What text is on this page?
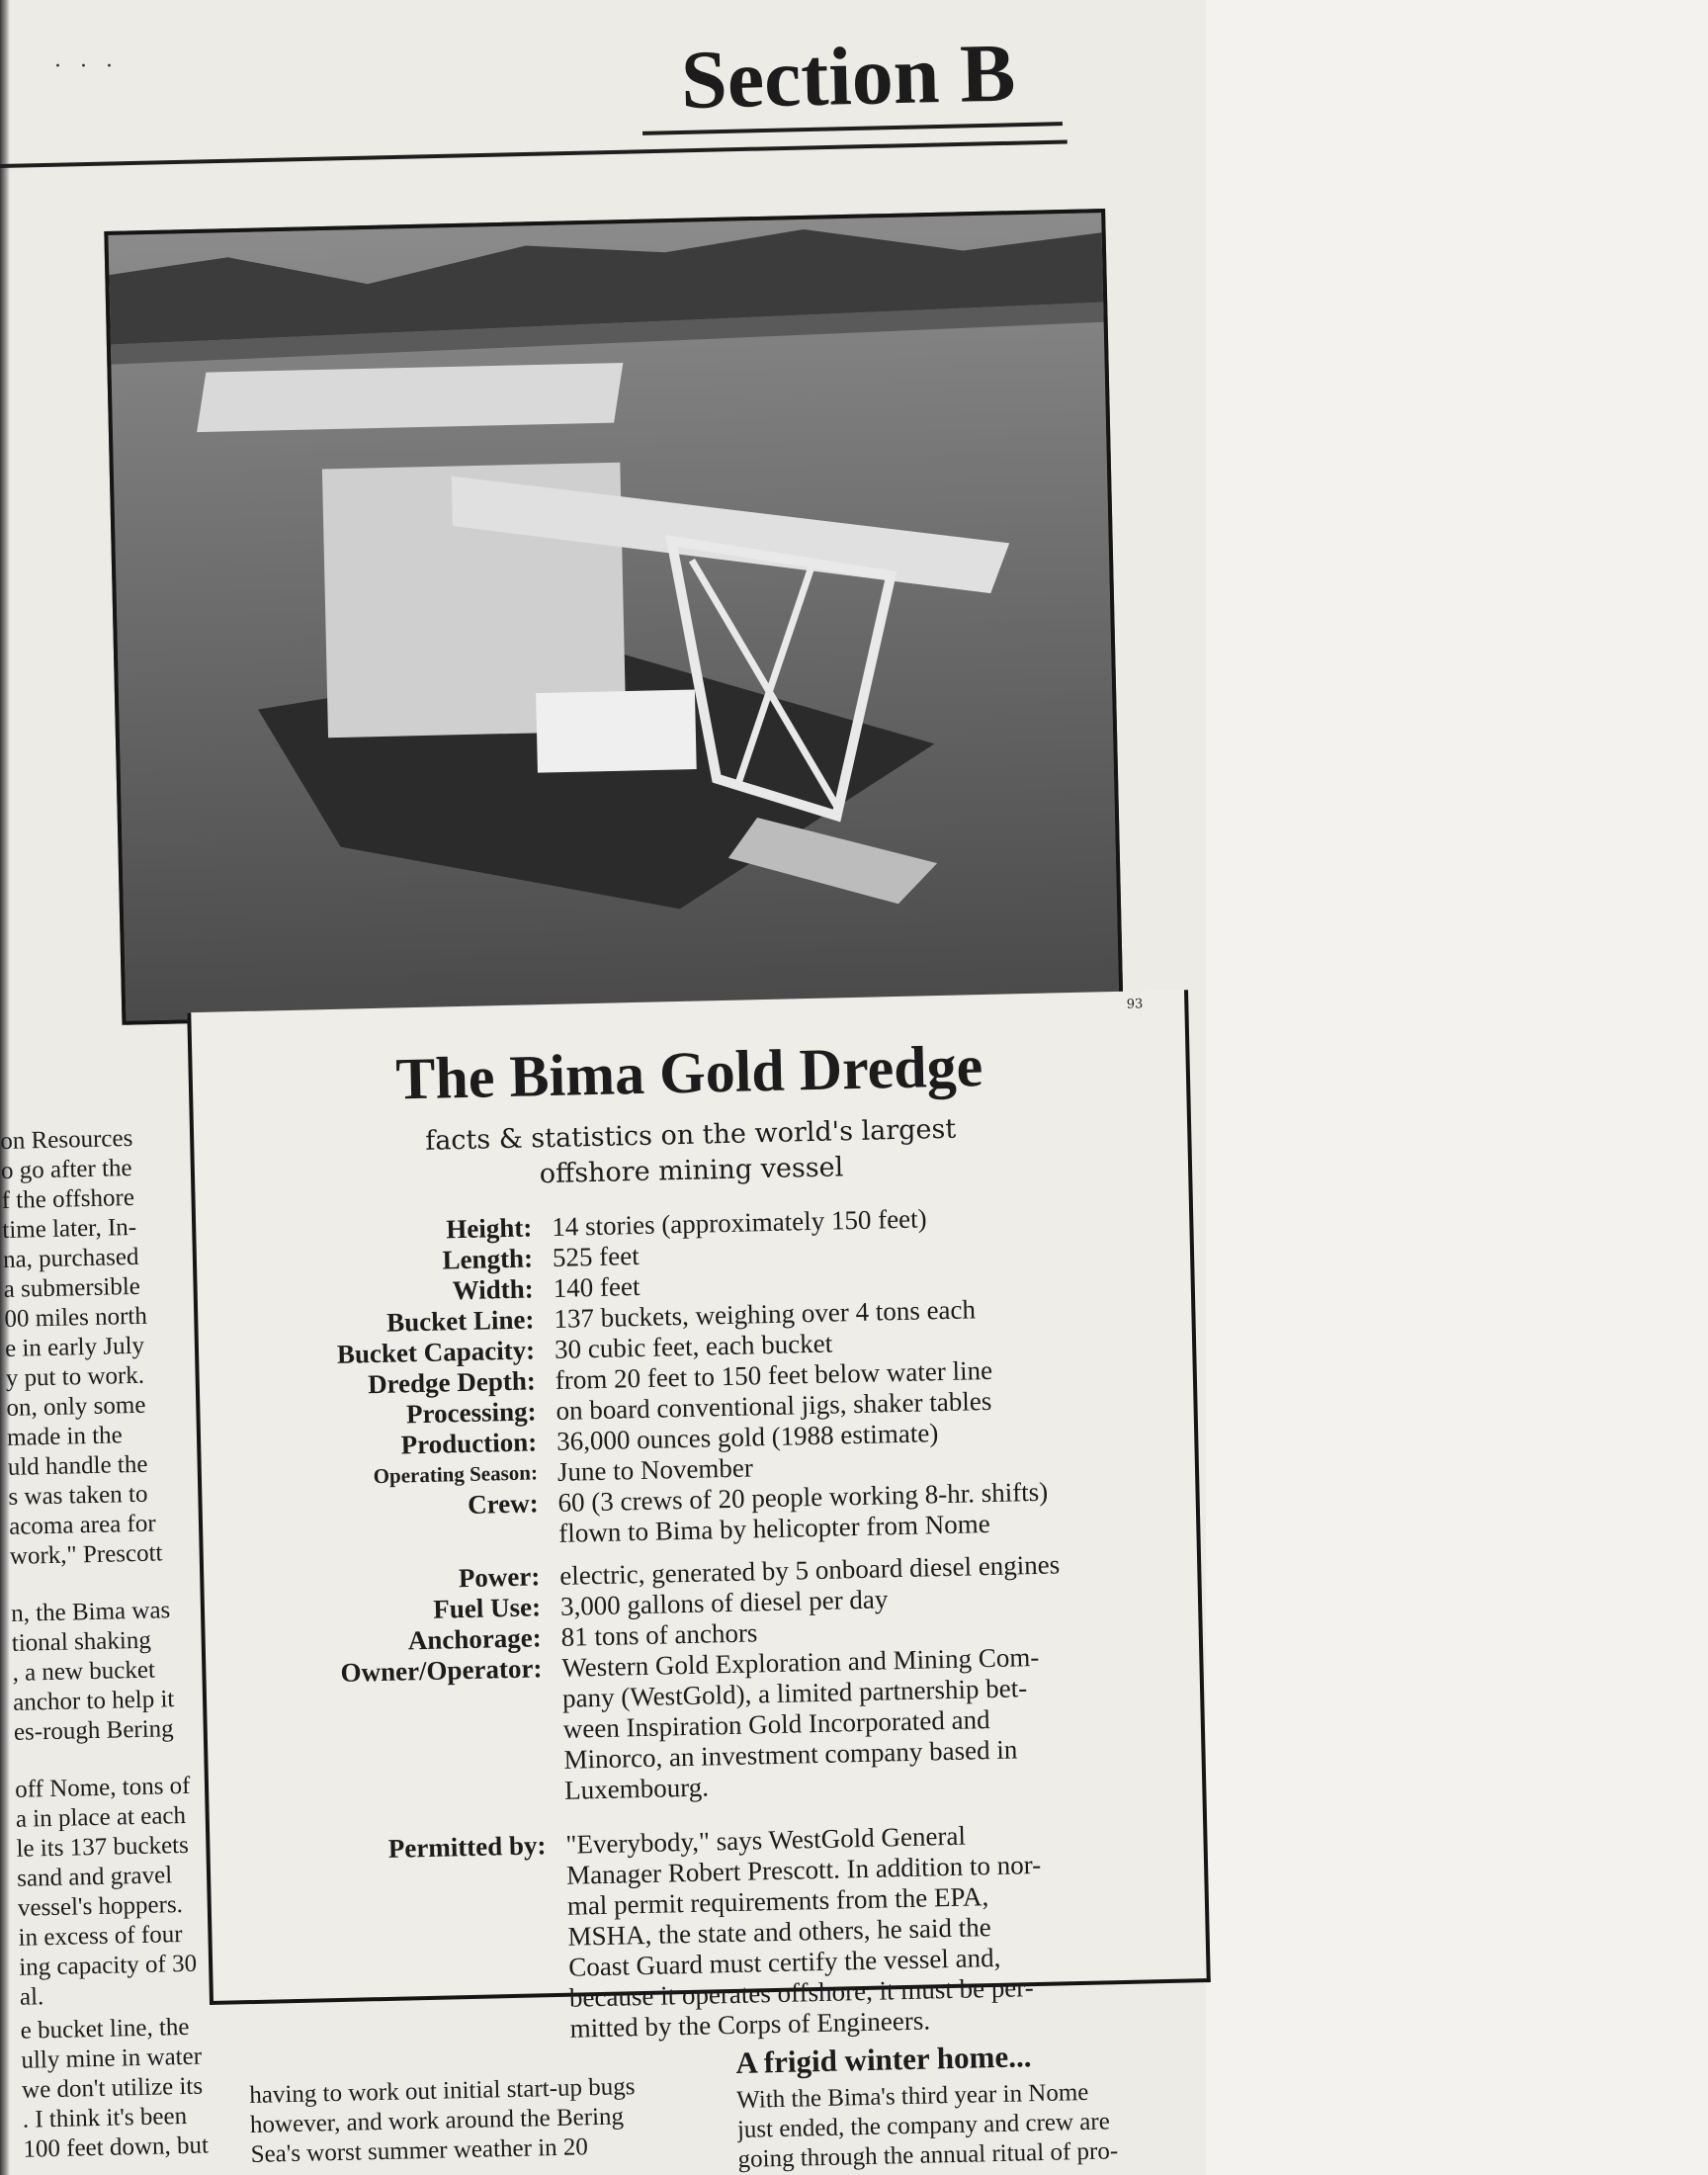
· · ·	Section B
93
The Bima Gold Dredge
facts & statistics on the world's largest
offshore mining vessel
Height: 14 stories (approximately 150 feet)
Length: 525 feet
Width: 140 feet
Bucket Line: 137 buckets, weighing over 4 tons each
Bucket Capacity: 30 cubic feet, each bucket
Dredge Depth: from 20 feet to 150 feet below water line
Processing: on board conventional jigs, shaker tables
Production: 36,000 ounces gold (1988 estimate)
Operating Season: June to November
Crew: 60 (3 crews of 20 people working 8-hr. shifts)
flown to Bima by helicopter from Nome
Power: electric, generated by 5 onboard diesel engines
Fuel Use: 3,000 gallons of diesel per day
Anchorage: 81 tons of anchors
Owner/Operator: Western Gold Exploration and Mining Com-
pany (WestGold), a limited partnership bet-
ween Inspiration Gold Incorporated and
Minorco, an investment company based in
Luxembourg.
Permitted by: "Everybody," says WestGold General
Manager Robert Prescott. In addition to nor-
mal permit requirements from the EPA,
MSHA, the state and others, he said the
Coast Guard must certify the vessel and,
because it operates offshore, it must be per-
mitted by the Corps of Engineers.
on Resources
o go after the
f the offshore
time later, In-
na, purchased
a submersible
00 miles north
e in early July
y put to work.
on, only some
made in the
uld handle the
s was taken to
acoma area for
work," Prescott
n, the Bima was
tional shaking
, a new bucket
anchor to help it
es-rough Bering
off Nome, tons of
a in place at each
le its 137 buckets
sand and gravel
vessel's hoppers.
in excess of four
ing capacity of 30
al.
e bucket line, the
ully mine in water
we don't utilize its
. I think it's been
100 feet down, but
having to work out initial start-up bugs
however, and work around the Bering
Sea's worst summer weather in 20
A frigid winter home...
With the Bima's third year in Nome
just ended, the company and crew are
going through the annual ritual of pro-
